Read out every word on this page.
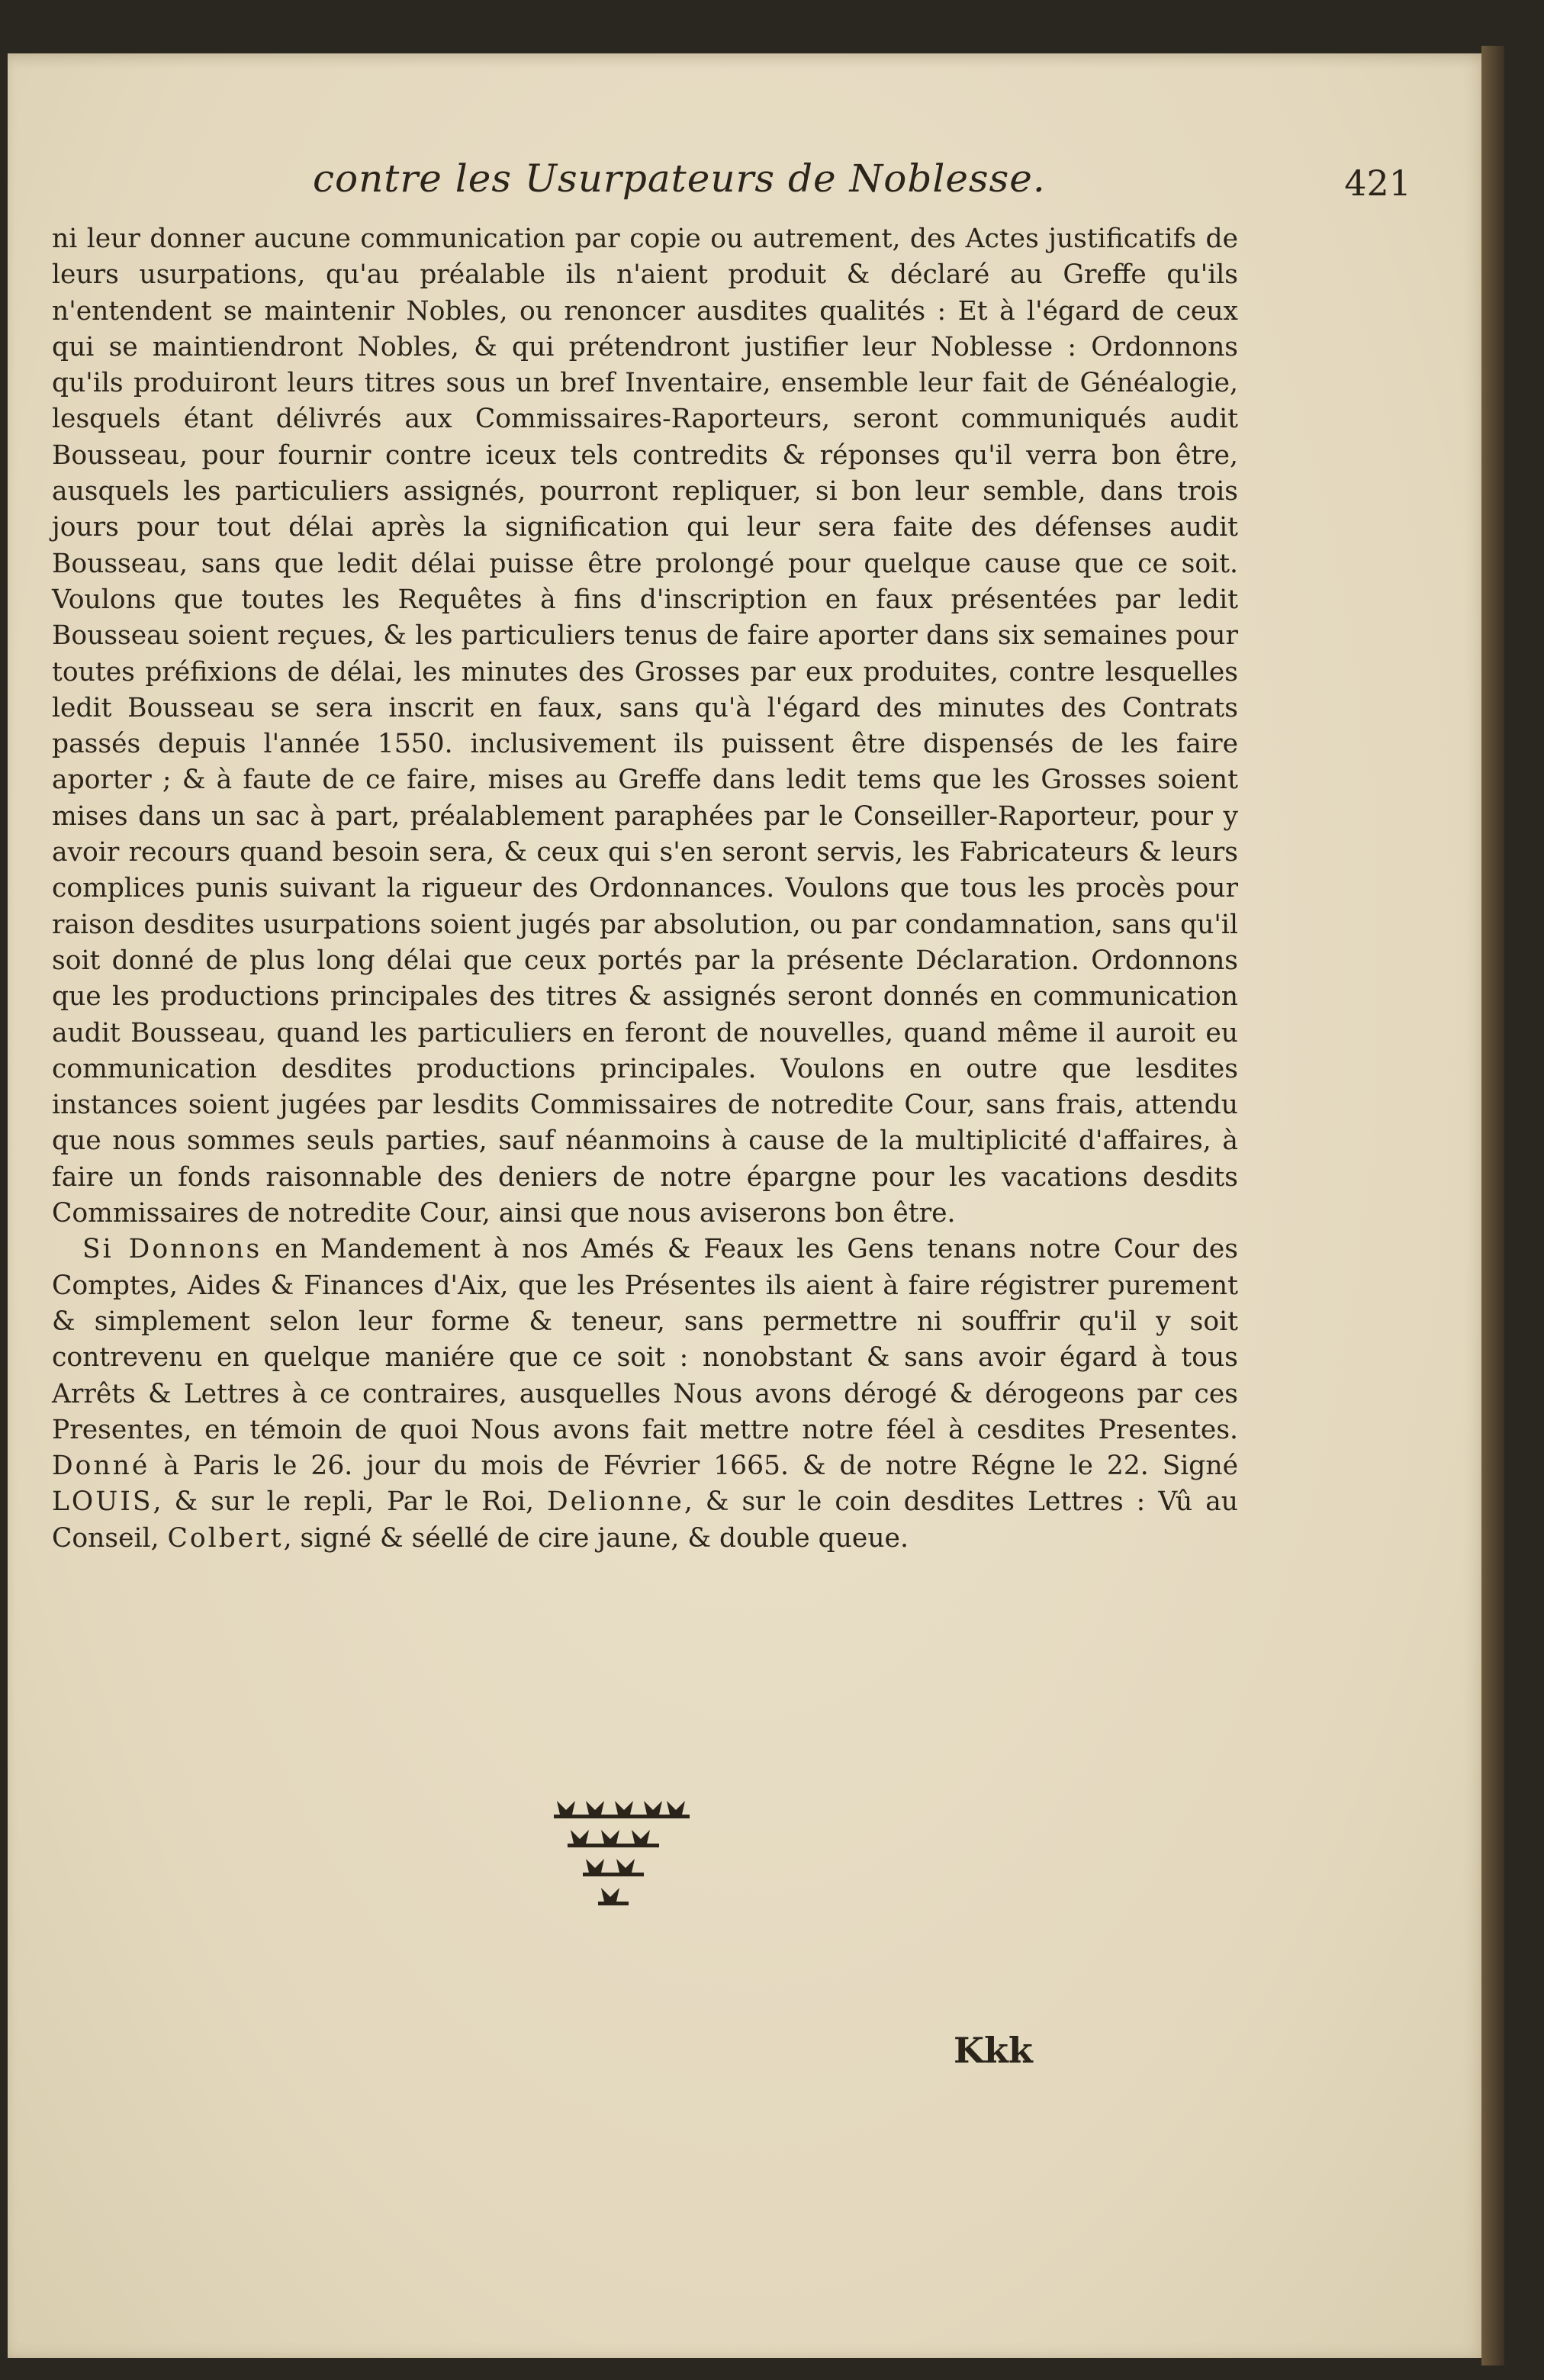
contre les Usurpateurs de Noblesse.	421

ni leur donner aucune communication par copie ou autrement, des Actes justificatifs de leurs usurpations, qu'au préalable ils n'aient produit & déclaré au Greffe qu'ils n'entendent se maintenir Nobles, ou renoncer ausdites qualités : Et à l'égard de ceux qui se maintiendront Nobles, & qui prétendront justifier leur Noblesse : Ordonnons qu'ils produiront leurs titres sous un bref Inventaire, ensemble leur fait de Généalogie, lesquels étant délivrés aux Commissaires-Raporteurs, seront communiqués audit Bousseau, pour fournir contre iceux tels contredits & réponses qu'il verra bon être, ausquels les particuliers assignés, pourront repliquer, si bon leur semble, dans trois jours pour tout délai après la signification qui leur sera faite des défenses audit Bousseau, sans que ledit délai puisse être prolongé pour quelque cause que ce soit. Voulons que toutes les Requêtes à fins d'inscription en faux présentées par ledit Bousseau soient reçues, & les particuliers tenus de faire aporter dans six semaines pour toutes préfixions de délai, les minutes des Grosses par eux produites, contre lesquelles ledit Bousseau se sera inscrit en faux, sans qu'à l'égard des minutes des Contrats passés depuis l'année 1550. inclusivement ils puissent être dispensés de les faire aporter ; & à faute de ce faire, mises au Greffe dans ledit tems que les Grosses soient mises dans un sac à part, préalablement paraphées par le Conseiller-Raporteur, pour y avoir recours quand besoin sera, & ceux qui s'en seront servis, les Fabricateurs & leurs complices punis suivant la rigueur des Ordonnances. Voulons que tous les procès pour raison desdites usurpations soient jugés par absolution, ou par condamnation, sans qu'il soit donné de plus long délai que ceux portés par la présente Déclaration. Ordonnons que les productions principales des titres & assignés seront donnés en communication audit Bousseau, quand les particuliers en feront de nouvelles, quand même il auroit eu communication desdites productions principales. Voulons en outre que lesdites instances soient jugées par lesdits Commissaires de notredite Cour, sans frais, attendu que nous sommes seuls parties, sauf néanmoins à cause de la multiplicité d'affaires, à faire un fonds raisonnable des deniers de notre épargne pour les vacations desdits Commissaires de notredite Cour, ainsi que nous aviserons bon être.

Si Donnons en Mandement à nos Amés & Feaux les Gens tenans notre Cour des Comptes, Aides & Finances d'Aix, que les Présentes ils aient à faire régistrer purement & simplement selon leur forme & teneur, sans permettre ni souffrir qu'il y soit contrevenu en quelque maniére que ce soit : nonobstant & sans avoir égard à tous Arrêts & Lettres à ce contraires, ausquelles Nous avons dérogé & dérogeons par ces Presentes, en témoin de quoi Nous avons fait mettre notre féel à cesdites Presentes. Donné à Paris le 26. jour du mois de Février 1665. & de notre Régne le 22. Signé LOUIS, & sur le repli, Par le Roi, Delionne, & sur le coin desdites Lettres : Vû au Conseil, Colbert, signé & séellé de cire jaune, & double queue.

Kkk
